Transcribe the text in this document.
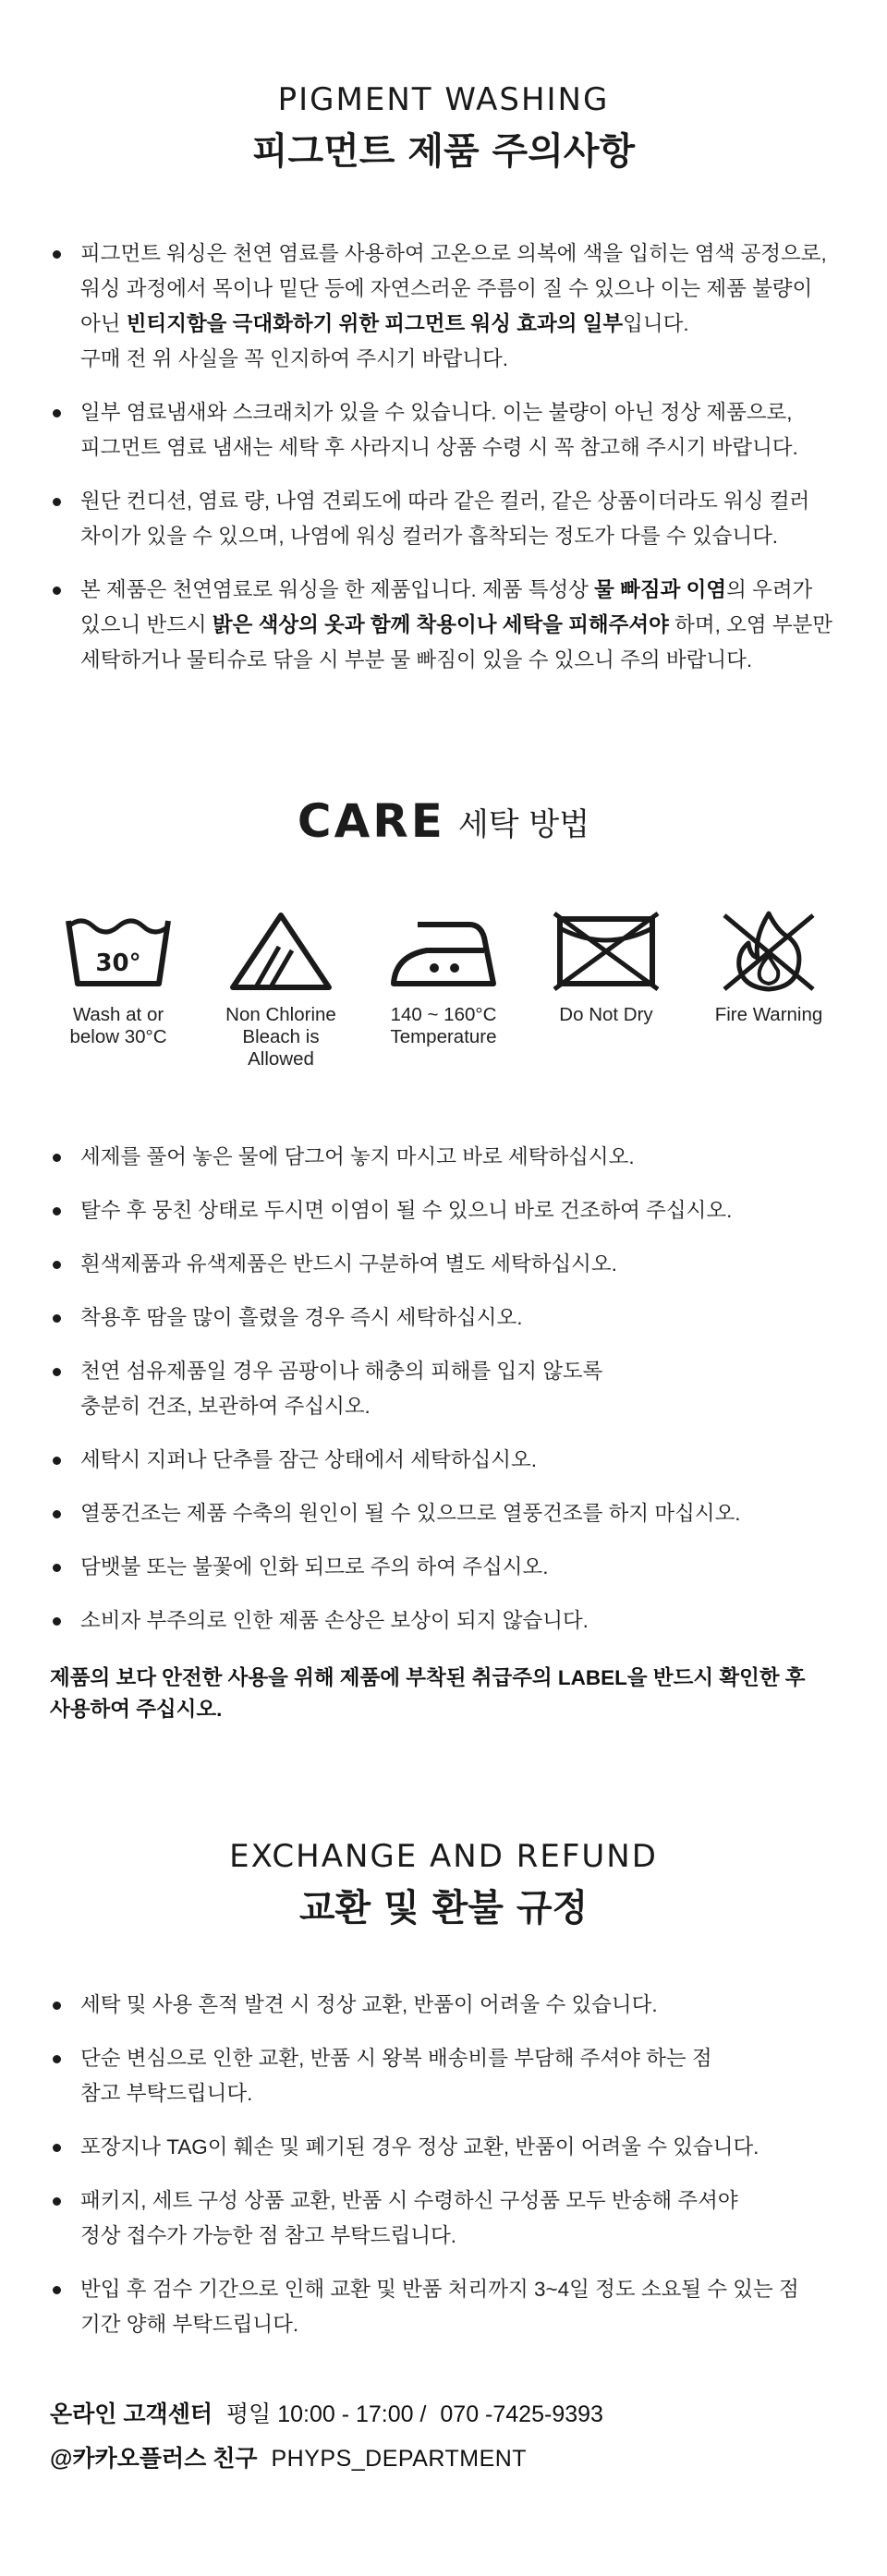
PIGMENT WASHING
피그먼트 제품 주의사항
피그먼트 워싱은 천연 염료를 사용하여 고온으로 의복에 색을 입히는 염색 공정으로,
워싱 과정에서 목이나 밑단 등에 자연스러운 주름이 질 수 있으나 이는 제품 불량이
아닌 빈티지함을 극대화하기 위한 피그먼트 워싱 효과의 일부입니다.
구매 전 위 사실을 꼭 인지하여 주시기 바랍니다.
일부 염료냄새와 스크래치가 있을 수 있습니다. 이는 불량이 아닌 정상 제품으로,
피그먼트 염료 냄새는 세탁 후 사라지니 상품 수령 시 꼭 참고해 주시기 바랍니다.
원단 컨디션, 염료 량, 나염 견뢰도에 따라 같은 컬러, 같은 상품이더라도 워싱 컬러
차이가 있을 수 있으며, 나염에 워싱 컬러가 흡착되는 정도가 다를 수 있습니다.
본 제품은 천연염료로 워싱을 한 제품입니다. 제품 특성상 물 빠짐과 이염의 우려가
있으니 반드시 밝은 색상의 옷과 함께 착용이나 세탁을 피해주셔야 하며, 오염 부분만
세탁하거나 물티슈로 닦을 시 부분 물 빠짐이 있을 수 있으니 주의 바랍니다.
CARE 세탁 방법
30°
Wash at or
below 30°C
Non Chlorine
Bleach is
Allowed
140 ~ 160°C
Temperature
Do Not Dry	Fire Warning
세제를 풀어 놓은 물에 담그어 놓지 마시고 바로 세탁하십시오.
탈수 후 뭉친 상태로 두시면 이염이 될 수 있으니 바로 건조하여 주십시오.
흰색제품과 유색제품은 반드시 구분하여 별도 세탁하십시오.
착용후 땀을 많이 흘렸을 경우 즉시 세탁하십시오.
천연 섬유제품일 경우 곰팡이나 해충의 피해를 입지 않도록
충분히 건조, 보관하여 주십시오.
세탁시 지퍼나 단추를 잠근 상태에서 세탁하십시오.
열풍건조는 제품 수축의 원인이 될 수 있으므로 열풍건조를 하지 마십시오.
담뱃불 또는 불꽃에 인화 되므로 주의 하여 주십시오.
소비자 부주의로 인한 제품 손상은 보상이 되지 않습니다.
제품의 보다 안전한 사용을 위해 제품에 부착된 취급주의 LABEL을 반드시 확인한 후
사용하여 주십시오.
EXCHANGE AND REFUND
교환 및 환불 규정
세탁 및 사용 흔적 발견 시 정상 교환, 반품이 어려울 수 있습니다.
단순 변심으로 인한 교환, 반품 시 왕복 배송비를 부담해 주셔야 하는 점
참고 부탁드립니다.
포장지나 TAG이 훼손 및 폐기된 경우 정상 교환, 반품이 어려울 수 있습니다.
패키지, 세트 구성 상품 교환, 반품 시 수령하신 구성품 모두 반송해 주셔야
정상 접수가 가능한 점 참고 부탁드립니다.
반입 후 검수 기간으로 인해 교환 및 반품 처리까지 3~4일 정도 소요될 수 있는 점
기간 양해 부탁드립니다.
온라인 고객센터 평일 10:00 - 17:00 / 070 -7425-9393
@카카오플러스 친구 PHYPS_DEPARTMENT
